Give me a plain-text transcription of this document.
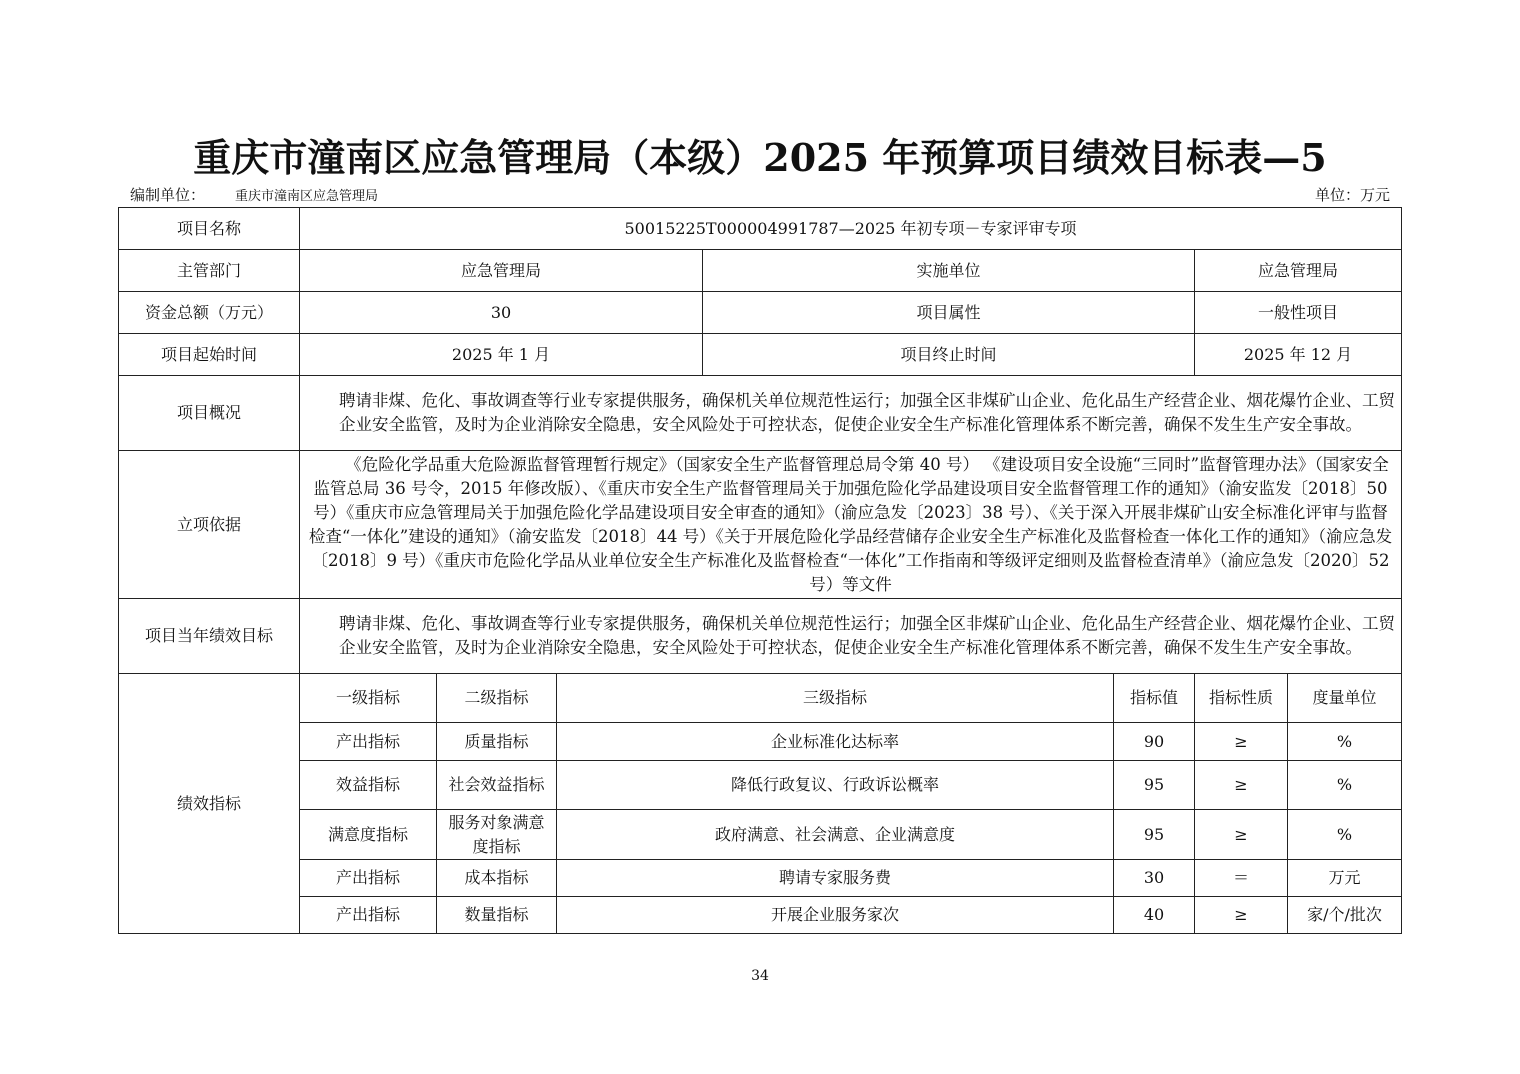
重庆市潼南区应急管理局（本级）2025 年预算项目绩效目标表—5
编制单位： 重庆市潼南区应急管理局	单位：万元
项目名称	50015225T000004991787—2025 年初专项－专家评审专项						
主管部门	应急管理局			实施单位		应急管理局	
资金总额（万元）	30			项目属性		一般性项目	
项目起始时间	2025 年 1 月			项目终止时间		2025 年 12 月	
项目概况	聘请非煤、危化、事故调查等行业专家提供服务，确保机关单位规范性运行；加强全区非煤矿山企业、危化品生产经营企业、烟花爆竹企业、工贸企业安全监管，及时为企业消除安全隐患，安全风险处于可控状态，促使企业安全生产标准化管理体系不断完善，确保不发生生产安全事故。						
立项依据	《危险化学品重大危险源监督管理暂行规定》（国家安全生产监督管理总局令第 40 号） 《建设项目安全设施“三同时”监督管理办法》（国家安全监管总局 36 号令，2015 年修改版）、《重庆市安全生产监督管理局关于加强危险化学品建设项目安全监督管理工作的通知》（渝安监发〔2018〕50 号）《重庆市应急管理局关于加强危险化学品建设项目安全审查的通知》（渝应急发〔2023〕38 号）、《关于深入开展非煤矿山安全标准化评审与监督检查“一体化”建设的通知》（渝安监发〔2018〕44 号）《关于开展危险化学品经营储存企业安全生产标准化及监督检查一体化工作的通知》（渝应急发〔2018〕9 号）《重庆市危险化学品从业单位安全生产标准化及监督检查“一体化”工作指南和等级评定细则及监督检查清单》（渝应急发〔2020〕52 号）等文件						
项目当年绩效目标	聘请非煤、危化、事故调查等行业专家提供服务，确保机关单位规范性运行；加强全区非煤矿山企业、危化品生产经营企业、烟花爆竹企业、工贸企业安全监管，及时为企业消除安全隐患，安全风险处于可控状态，促使企业安全生产标准化管理体系不断完善，确保不发生生产安全事故。						
绩效指标	一级指标	二级指标	三级指标		指标值	指标性质	度量单位
	产出指标	质量指标	企业标准化达标率		90	≥	%
	效益指标	社会效益指标	降低行政复议、行政诉讼概率		95	≥	%
	满意度指标	服务对象满意度指标	政府满意、社会满意、企业满意度		95	≥	%
	产出指标	成本指标	聘请专家服务费		30	＝	万元
	产出指标	数量指标	开展企业服务家次		40	≥	家/个/批次
34
